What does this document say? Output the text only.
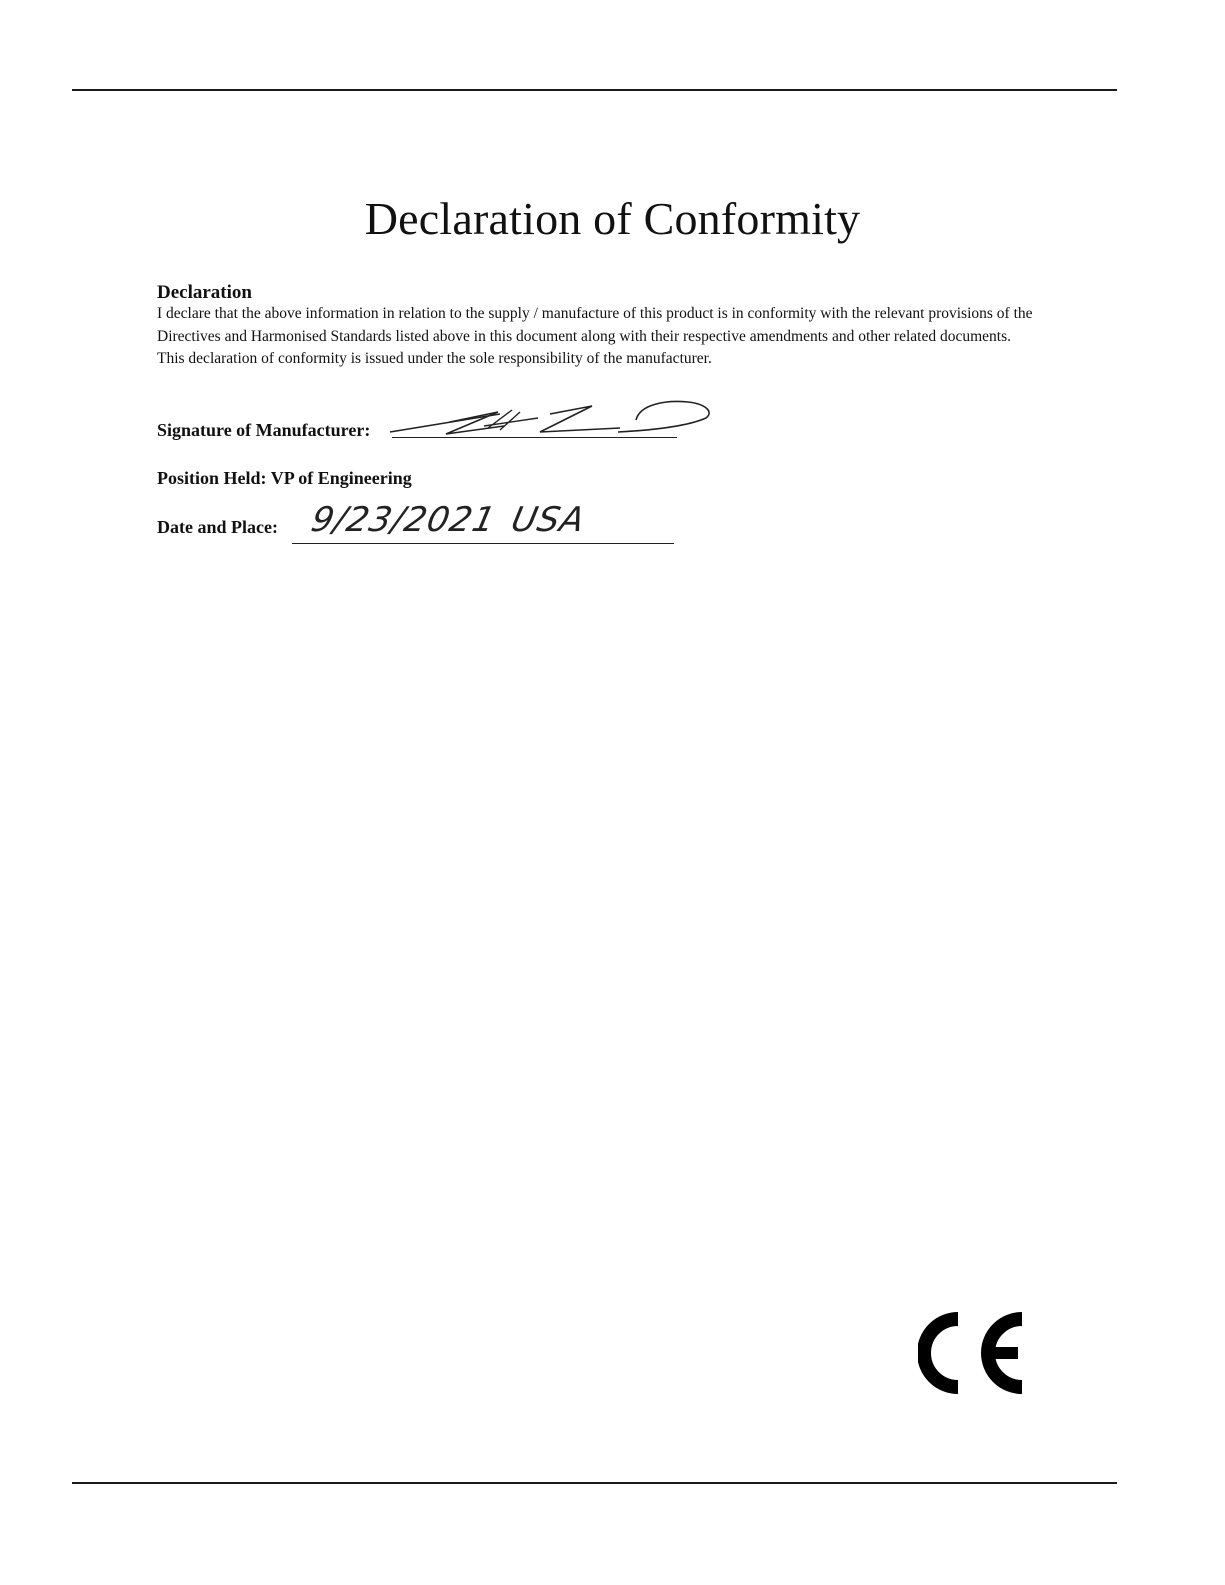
Declaration of Conformity
Declaration

I declare that the above information in relation to the supply / manufacture of this product is in conformity with the relevant provisions of the Directives and Harmonised Standards listed above in this document along with their respective amendments and other related documents. This declaration of conformity is issued under the sole responsibility of the manufacturer.

Signature of Manufacturer:
Position Held: VP of Engineering
Date and Place: 9/23/2021 USA
